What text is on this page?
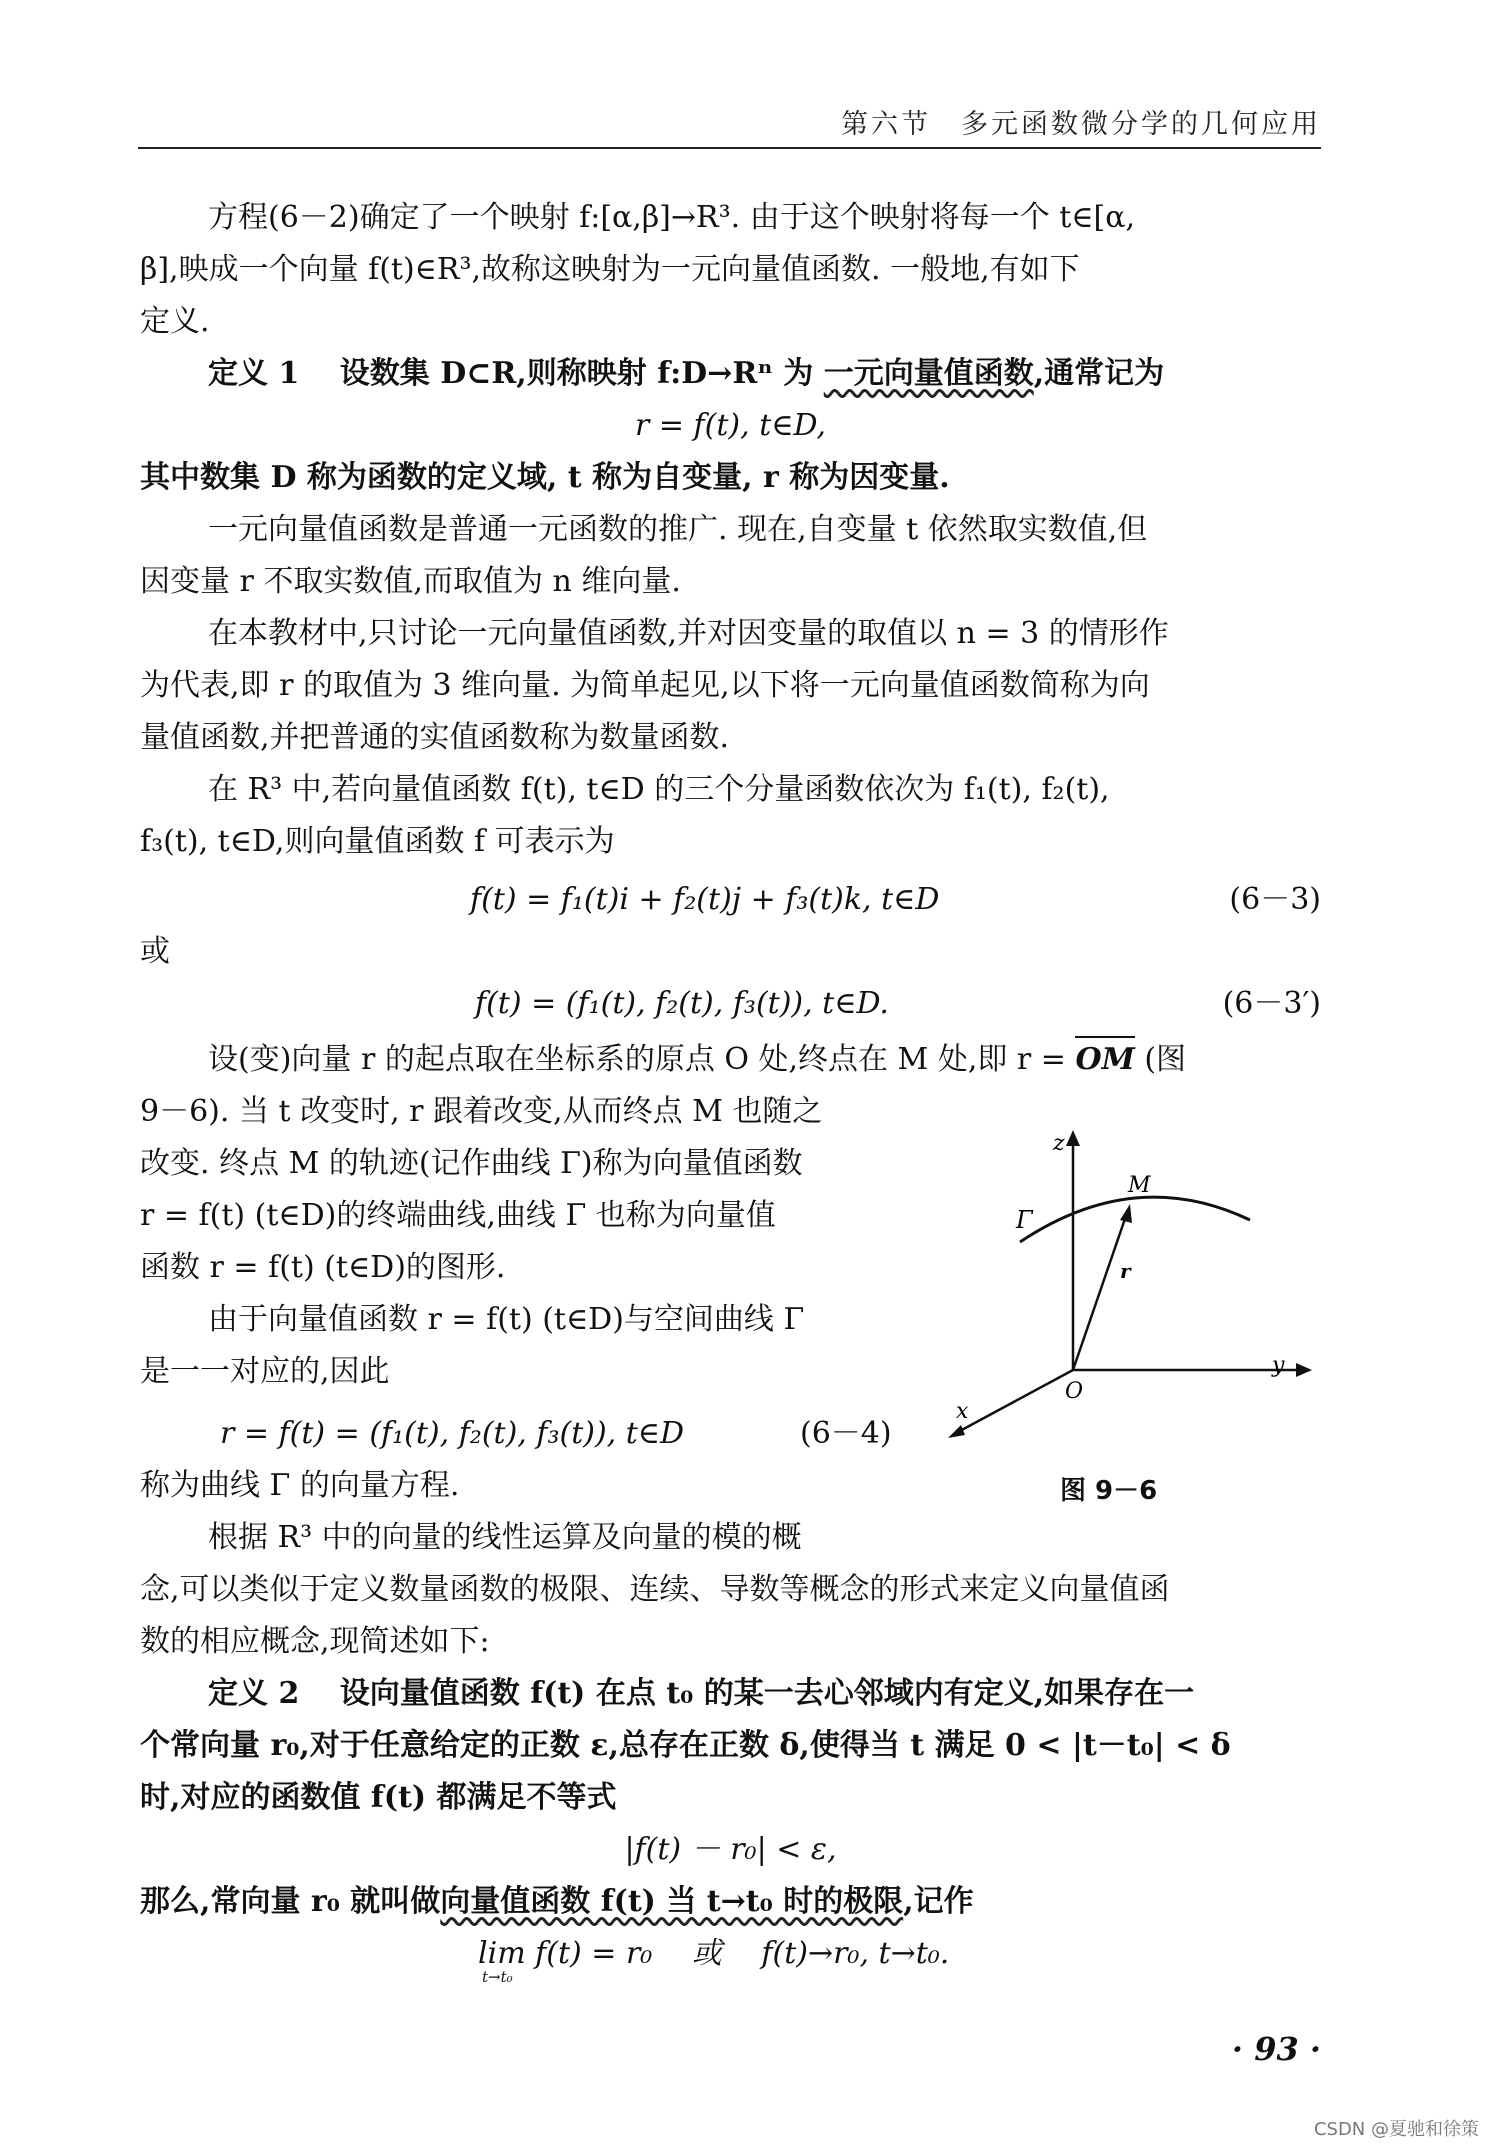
第六节　多元函数微分学的几何应用
方程(6－2)确定了一个映射 f:[α,β]→R³. 由于这个映射将每一个 t∈[α,
β],映成一个向量 f(t)∈R³,故称这映射为一元向量值函数. 一般地,有如下
定义.
定义 1　 设数集 D⊂R,则称映射 f:D→Rⁿ 为 一元向量值函数,通常记为
r = f(t), t∈D,
其中数集 D 称为函数的定义域, t 称为自变量, r 称为因变量.
一元向量值函数是普通一元函数的推广. 现在,自变量 t 依然取实数值,但
因变量 r 不取实数值,而取值为 n 维向量.
在本教材中,只讨论一元向量值函数,并对因变量的取值以 n = 3 的情形作
为代表,即 r 的取值为 3 维向量. 为简单起见,以下将一元向量值函数简称为向
量值函数,并把普通的实值函数称为数量函数.
在 R³ 中,若向量值函数 f(t), t∈D 的三个分量函数依次为 f₁(t), f₂(t),
f₃(t), t∈D,则向量值函数 f 可表示为
f(t) = f₁(t)i + f₂(t)j + f₃(t)k, t∈D	(6－3)
或
f(t) = (f₁(t), f₂(t), f₃(t)), t∈D.	(6－3′)
设(变)向量 r 的起点取在坐标系的原点 O 处,终点在 M 处,即 r =
OM (图
9－6). 当 t 改变时, r 跟着改变,从而终点 M 也随之
改变. 终点 M 的轨迹(记作曲线 Γ)称为向量值函数
r = f(t) (t∈D)的终端曲线,曲线 Γ 也称为向量值
函数 r = f(t) (t∈D)的图形.
由于向量值函数 r = f(t) (t∈D)与空间曲线 Γ
是一一对应的,因此
r = f(t) = (f₁(t), f₂(t), f₃(t)), t∈D	(6－4)
称为曲线 Γ 的向量方程.
z
y
x
O
M
r
Γ
图 9－6
根据 R³ 中的向量的线性运算及向量的模的概
念,可以类似于定义数量函数的极限、连续、导数等概念的形式来定义向量值函
数的相应概念,现简述如下:
定义 2　 设向量值函数 f(t) 在点 t₀ 的某一去心邻域内有定义,如果存在一
个常向量 r₀,对于任意给定的正数 ε,总存在正数 δ,使得当 t 满足 0 < |t－t₀| < δ
时,对应的函数值 f(t) 都满足不等式
|f(t) － r₀| < ε,
那么,常向量 r₀ 就叫做向量值函数 f(t) 当 t→t₀ 时的极限,记作
lim f(t) = r₀　 或　 f(t)→r₀, t→t₀.
t→t₀
· 93 ·
CSDN @夏驰和徐策
